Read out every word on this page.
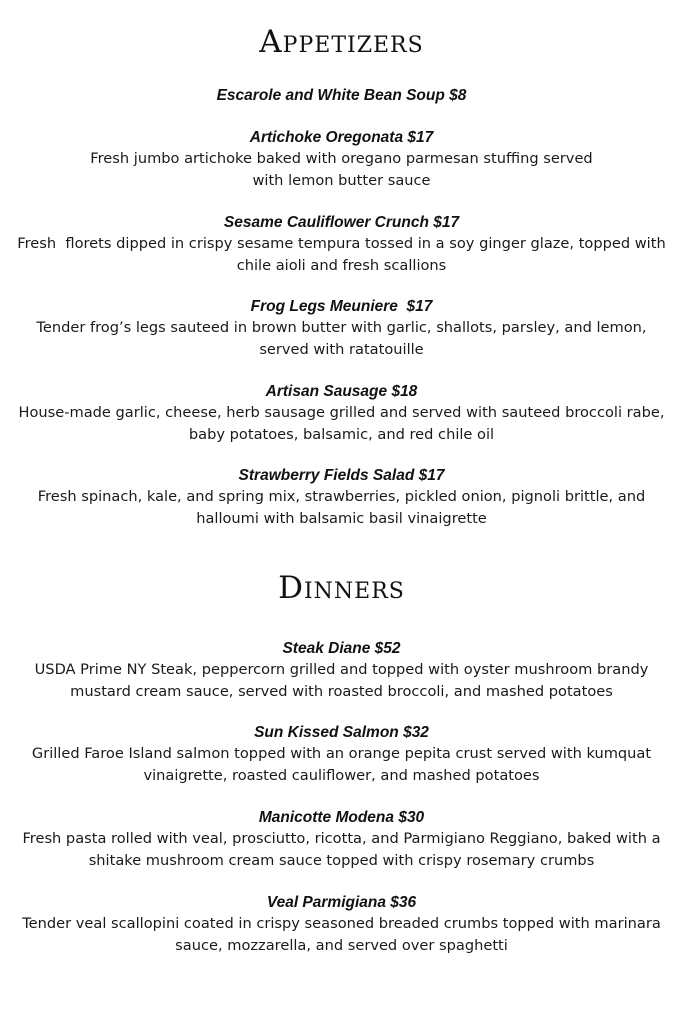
Appetizers
Escarole and White Bean Soup $8
Artichoke Oregonata $17
Fresh jumbo artichoke baked with oregano parmesan stuffing served
with lemon butter sauce
Sesame Cauliflower Crunch $17
Fresh  florets dipped in crispy sesame tempura tossed in a soy ginger glaze, topped with
chile aioli and fresh scallions
Frog Legs Meuniere  $17
Tender frog’s legs sauteed in brown butter with garlic, shallots, parsley, and lemon,
served with ratatouille
Artisan Sausage $18
House-made garlic, cheese, herb sausage grilled and served with sauteed broccoli rabe,
baby potatoes, balsamic, and red chile oil
Strawberry Fields Salad $17
Fresh spinach, kale, and spring mix, strawberries, pickled onion, pignoli brittle, and
halloumi with balsamic basil vinaigrette
Dinners
Steak Diane $52
USDA Prime NY Steak, peppercorn grilled and topped with oyster mushroom brandy
mustard cream sauce, served with roasted broccoli, and mashed potatoes
Sun Kissed Salmon $32
Grilled Faroe Island salmon topped with an orange pepita crust served with kumquat
vinaigrette, roasted cauliflower, and mashed potatoes
Manicotte Modena $30
Fresh pasta rolled with veal, prosciutto, ricotta, and Parmigiano Reggiano, baked with a
shitake mushroom cream sauce topped with crispy rosemary crumbs
Veal Parmigiana $36
Tender veal scallopini coated in crispy seasoned breaded crumbs topped with marinara
sauce, mozzarella, and served over spaghetti
